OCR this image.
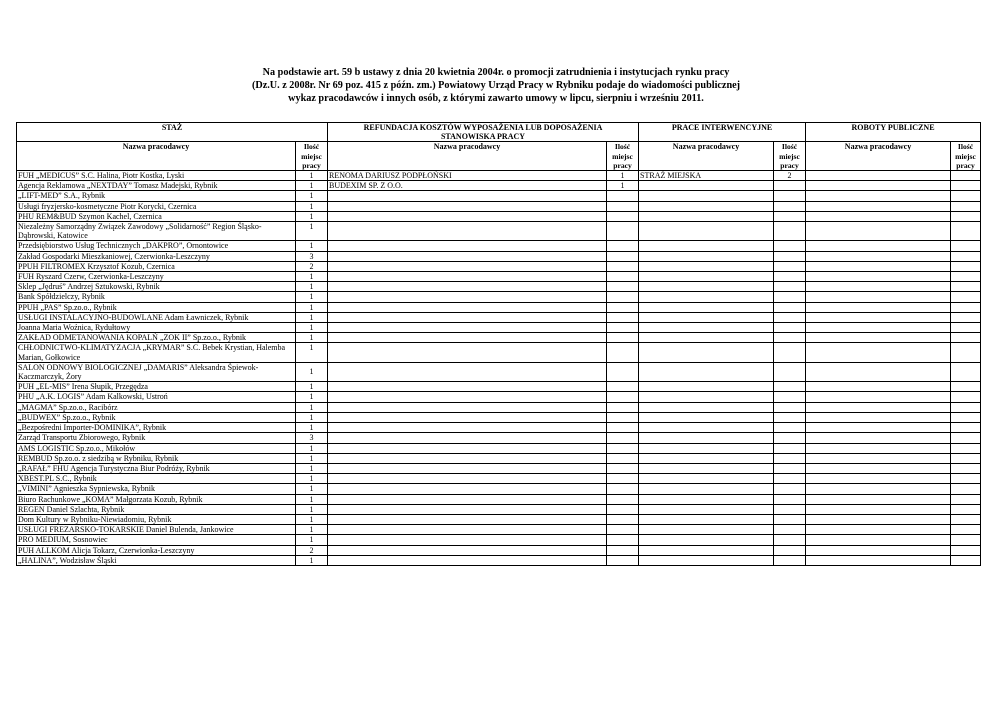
Na podstawie art. 59 b ustawy z dnia 20 kwietnia 2004r. o promocji zatrudnienia i instytucjach rynku pracy
(Dz.U. z 2008r. Nr 69 poz. 415 z późn. zm.) Powiatowy Urząd Pracy w Rybniku podaje do wiadomości publicznej
wykaz pracodawców i innych osób, z którymi zawarto umowy w lipcu, sierpniu i wrześniu 2011.
STAŻ		REFUNDACJA KOSZTÓW WYPOSAŻENIA LUB DOPOSAŻENIA
STANOWISKA PRACY		PRACE INTERWENCYJNE		ROBOTY PUBLICZNE	
Nazwa pracodawcy	Ilość
miejsc
pracy	Nazwa pracodawcy	Ilość
miejsc
pracy	Nazwa pracodawcy	Ilość
miejsc
pracy	Nazwa pracodawcy	Ilość
miejsc
pracy
FUH „MEDICUS” S.C. Halina, Piotr Kostka, Lyski	1	RENOMA DARIUSZ PODPŁOŃSKI	1	STRAŻ MIEJSKA	2		
Agencja Reklamowa „NEXTDAY” Tomasz Madejski, Rybnik	1	BUDEXIM SP. Z O.O.	1				
„LIFT-MED” S.A., Rybnik	1						
Usługi fryzjersko-kosmetyczne Piotr Korycki, Czernica	1						
PHU REM&BUD Szymon Kachel, Czernica	1						
Niezależny Samorządny Związek Zawodowy „Solidarność” Region Śląsko-Dąbrowski, Katowice	1						
Przedsiębiorstwo Usług Technicznych „DAKPRO”, Ornontowice	1						
Zakład Gospodarki Mieszkaniowej, Czerwionka-Leszczyny	3						
PPUH FILTROMEX Krzysztof Kozub, Czernica	2						
FUH Ryszard Czerw, Czerwionka-Leszczyny	1						
Sklep „Jędruś” Andrzej Sztukowski, Rybnik	1						
Bank Spółdzielczy, Rybnik	1						
PPUH „PAS” Sp.zo.o., Rybnik	1						
USŁUGI INSTALACYJNO-BUDOWLANE Adam Ławniczek, Rybnik	1						
Joanna Maria Woźnica, Rydułtowy	1						
ZAKŁAD ODMETANOWANIA KOPALŃ „ZOK II” Sp.zo.o., Rybnik	1						
CHŁODNICTWO-KLIMATYZACJA „KRYMAR” S.C. Bebek Krystian, Halemba Marian, Gołkowice	1						
SALON ODNOWY BIOLOGICZNEJ „DAMARIS” Aleksandra Śpiewok-Kaczmarczyk, Żory	1						
PUH „EL-MIS” Irena Słupik, Przegędza	1						
PHU „A.K. LOGIS” Adam Kalkowski, Ustroń	1						
„MAGMA” Sp.zo.o., Racibórz	1						
„BUDWEX” Sp.zo.o., Rybnik	1						
„Bezpośredni Importer-DOMINIKA”, Rybnik	1						
Zarząd Transportu Zbiorowego, Rybnik	3						
AMS LOGISTIC Sp.zo.o., Mikołów	1						
REMBUD Sp.zo.o. z siedzibą w Rybniku, Rybnik	1						
„RAFAŁ” FHU Agencja Turystyczna Biur Podróży, Rybnik	1						
XBEST.PL S.C., Rybnik	1						
„VIMINI” Agnieszka Sypniewska, Rybnik	1						
Biuro Rachunkowe „KOMA” Małgorzata Kozub, Rybnik	1						
REGEN Daniel Szlachta, Rybnik	1						
Dom Kultury w Rybniku-Niewiadomiu, Rybnik	1						
USŁUGI FREZARSKO-TOKARSKIE Daniel Bulenda, Jankowice	1						
PRO MEDIUM, Sosnowiec	1						
PUH ALLKOM Alicja Tokarz, Czerwionka-Leszczyny	2						
„HALINA”, Wodzisław Śląski	1						
